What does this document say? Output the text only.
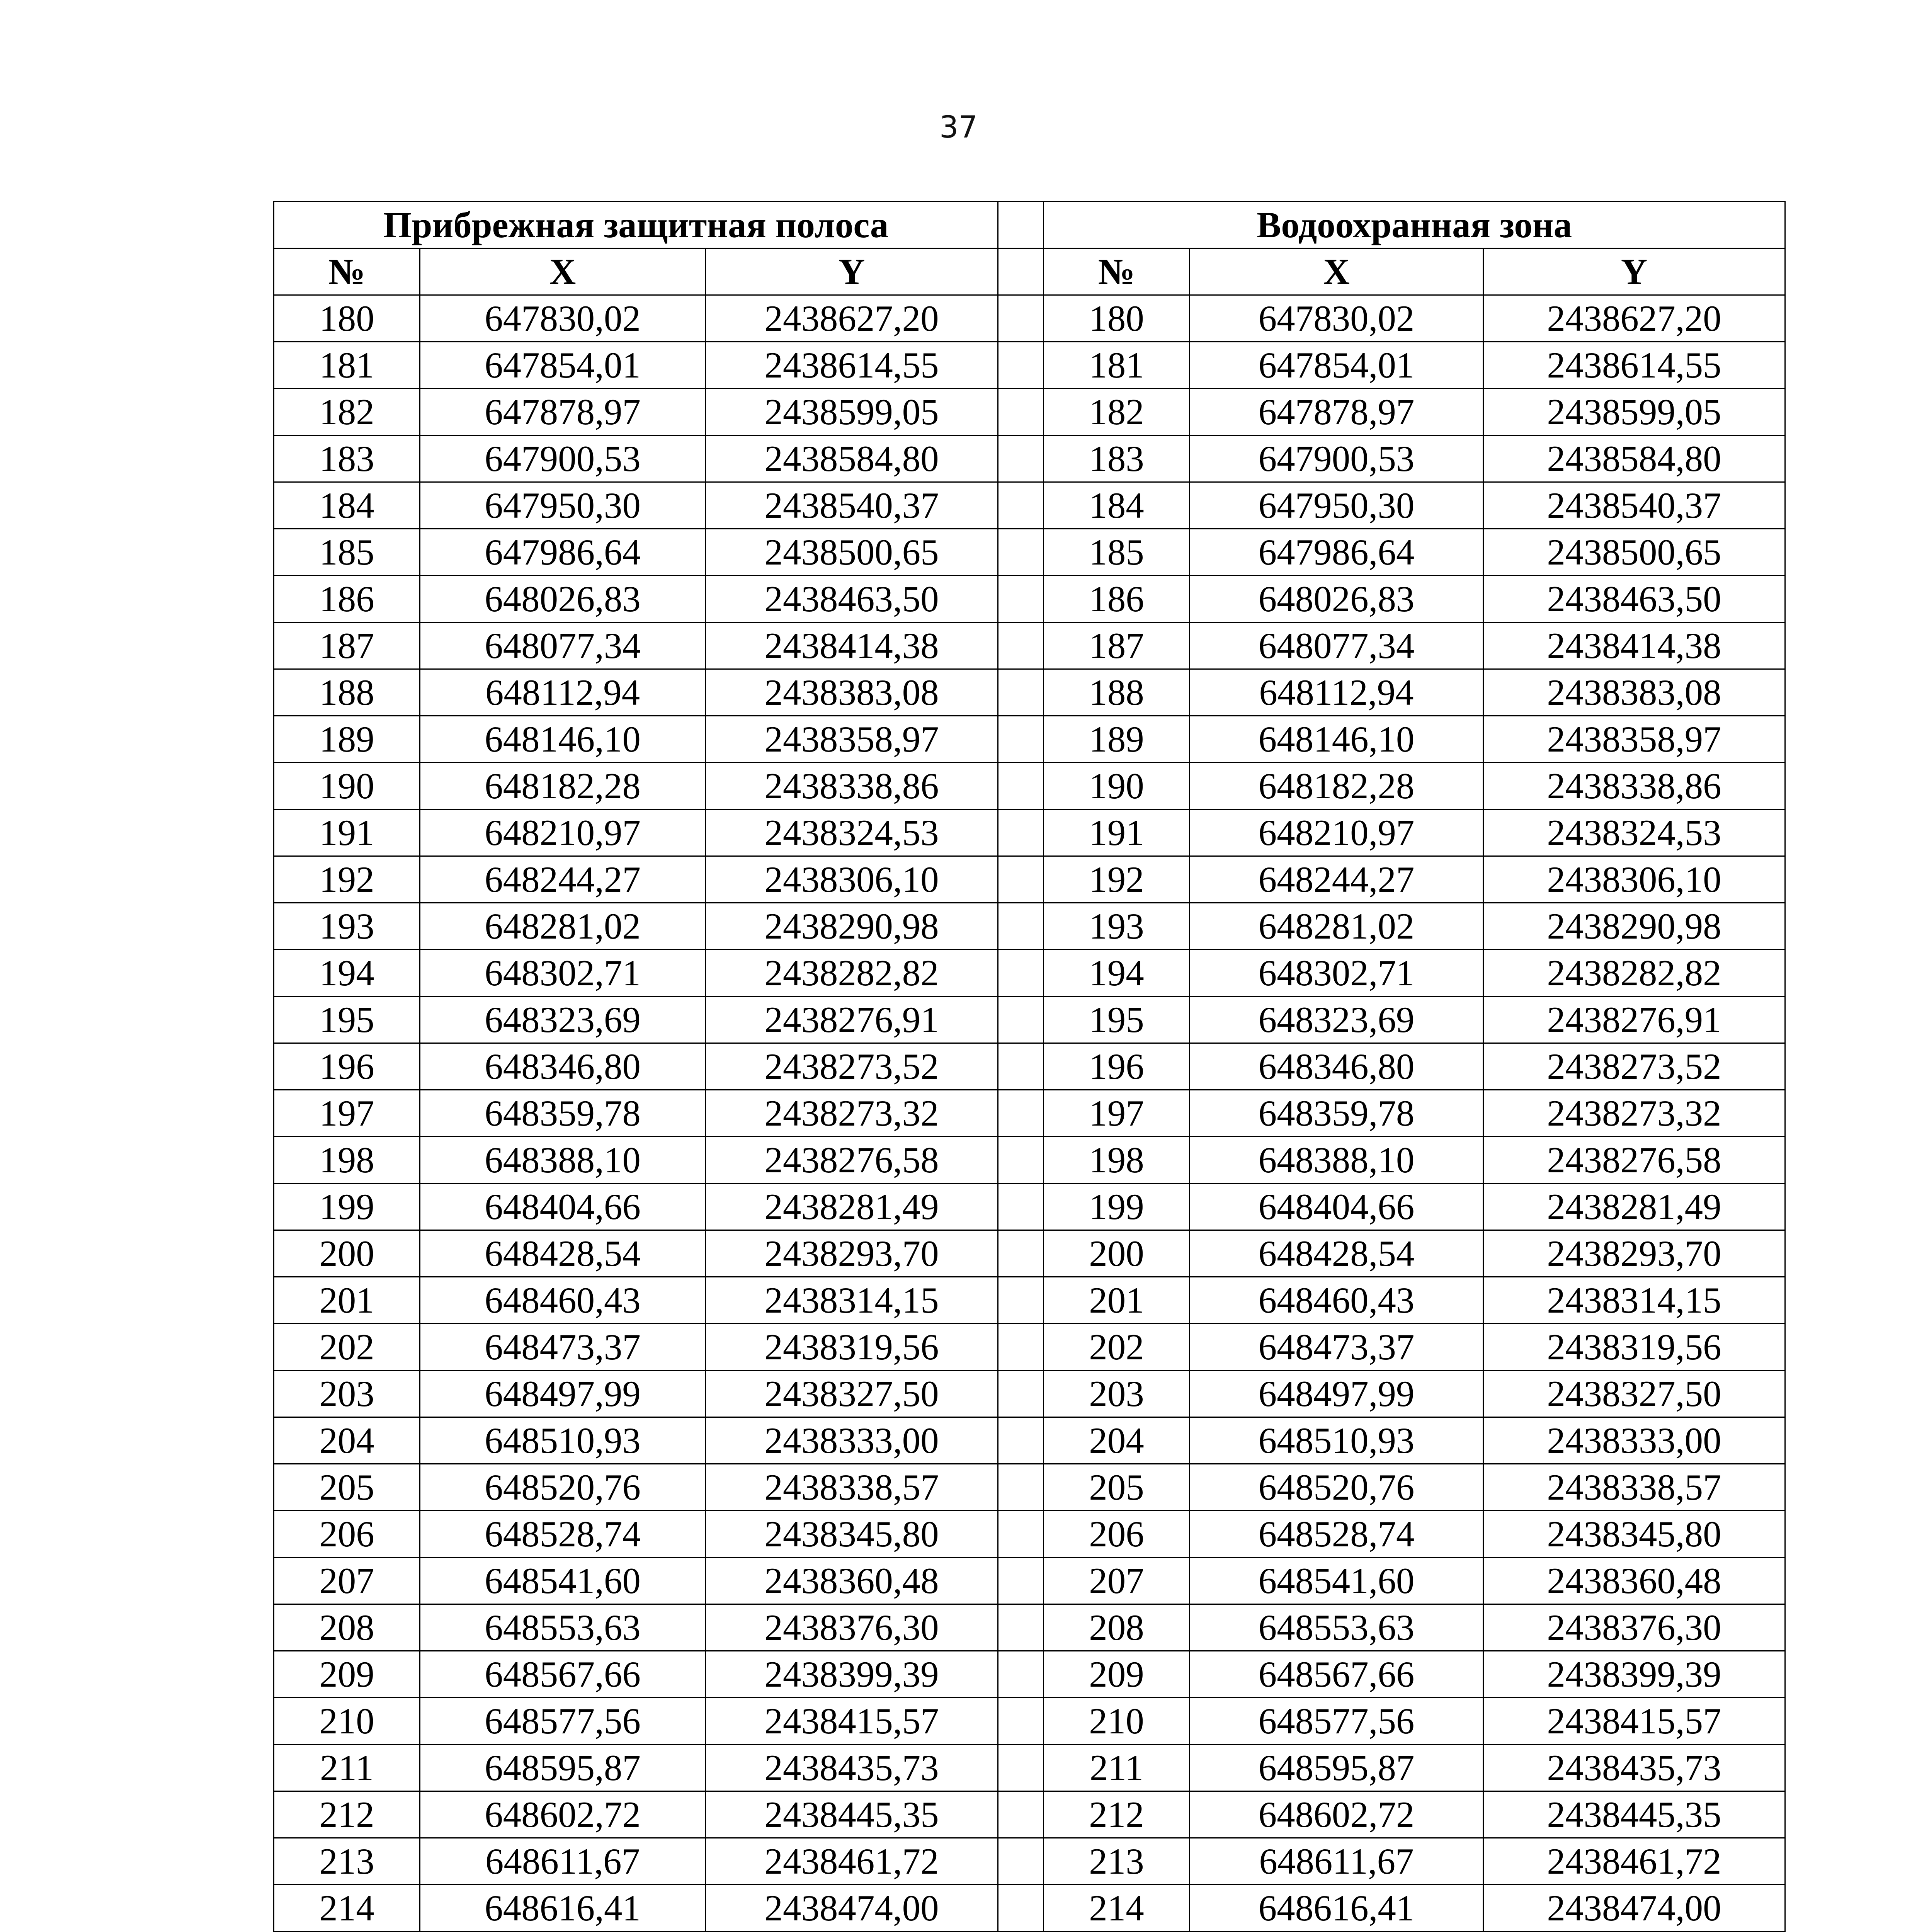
37
Прибрежная защитная полоса				Водоохранная зона		
№	X	Y		№	X	Y
180	647830,02	2438627,20		180	647830,02	2438627,20
181	647854,01	2438614,55		181	647854,01	2438614,55
182	647878,97	2438599,05		182	647878,97	2438599,05
183	647900,53	2438584,80		183	647900,53	2438584,80
184	647950,30	2438540,37		184	647950,30	2438540,37
185	647986,64	2438500,65		185	647986,64	2438500,65
186	648026,83	2438463,50		186	648026,83	2438463,50
187	648077,34	2438414,38		187	648077,34	2438414,38
188	648112,94	2438383,08		188	648112,94	2438383,08
189	648146,10	2438358,97		189	648146,10	2438358,97
190	648182,28	2438338,86		190	648182,28	2438338,86
191	648210,97	2438324,53		191	648210,97	2438324,53
192	648244,27	2438306,10		192	648244,27	2438306,10
193	648281,02	2438290,98		193	648281,02	2438290,98
194	648302,71	2438282,82		194	648302,71	2438282,82
195	648323,69	2438276,91		195	648323,69	2438276,91
196	648346,80	2438273,52		196	648346,80	2438273,52
197	648359,78	2438273,32		197	648359,78	2438273,32
198	648388,10	2438276,58		198	648388,10	2438276,58
199	648404,66	2438281,49		199	648404,66	2438281,49
200	648428,54	2438293,70		200	648428,54	2438293,70
201	648460,43	2438314,15		201	648460,43	2438314,15
202	648473,37	2438319,56		202	648473,37	2438319,56
203	648497,99	2438327,50		203	648497,99	2438327,50
204	648510,93	2438333,00		204	648510,93	2438333,00
205	648520,76	2438338,57		205	648520,76	2438338,57
206	648528,74	2438345,80		206	648528,74	2438345,80
207	648541,60	2438360,48		207	648541,60	2438360,48
208	648553,63	2438376,30		208	648553,63	2438376,30
209	648567,66	2438399,39		209	648567,66	2438399,39
210	648577,56	2438415,57		210	648577,56	2438415,57
211	648595,87	2438435,73		211	648595,87	2438435,73
212	648602,72	2438445,35		212	648602,72	2438445,35
213	648611,67	2438461,72		213	648611,67	2438461,72
214	648616,41	2438474,00		214	648616,41	2438474,00
